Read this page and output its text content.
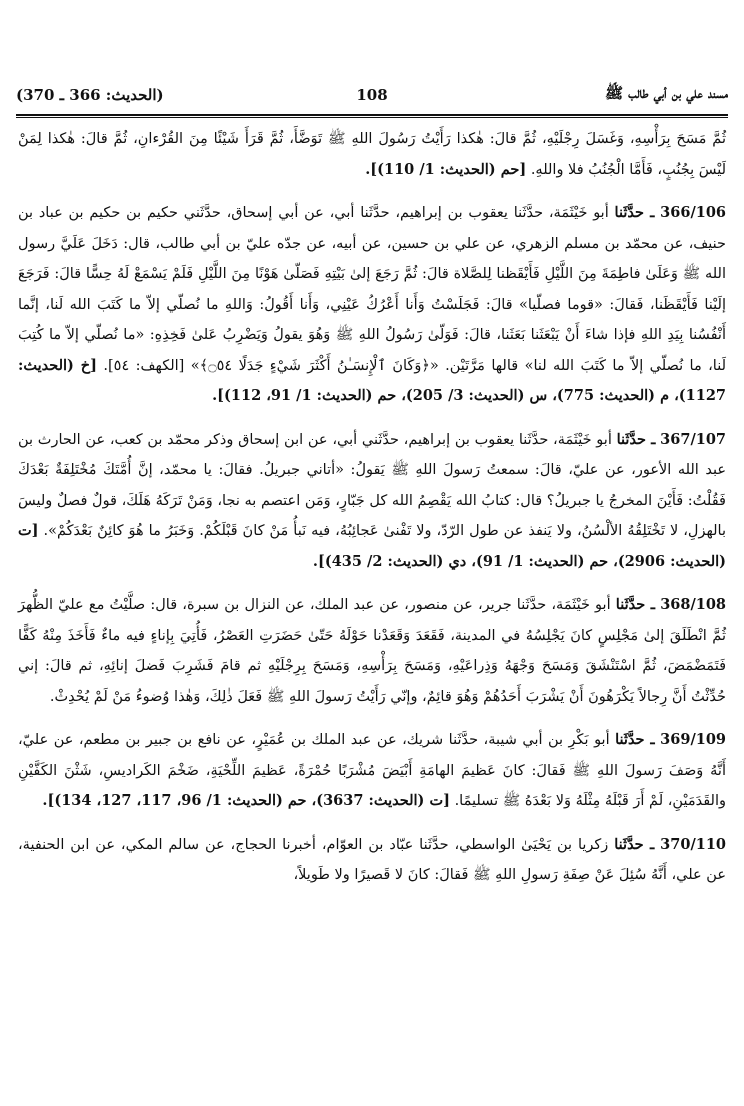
مسند علي بن أبي طالب ﷺ
108
(الحديث: 366 ـ 370)

ثُمَّ مَسَحَ بِرَأْسِهِ، وَغَسَلَ رِجْلَيْهِ، ثُمَّ قالَ: هٰكذا رَأَيْتُ رَسُولَ اللهِ ﷺ تَوَضَّأَ، ثُمَّ قَرَأَ شَيْئًا مِنَ القُرْءانِ، ثُمَّ قالَ: هٰكذا لِمَنْ لَيْسَ بِجُنُبٍ، فَأَمَّا الْجُنُبُ فلا واللهِ. [حم (الحديث: 1/ 110)].

366/106 ـ حدَّثَنا أبو خَيْثَمَة، حدَّثَنا يعقوب بن إبراهيم، حدَّثَنا أبي، عن أبي إسحاق، حدَّثَني حكيم بن حكيم بن عباد بن حنيف، عن محمّد بن مسلم الزهري، عن علي بن حسين، عن أبيه، عن جدّه عليّ بن أبي طالب، قال: دَخَلَ عَلَيَّ رسول الله ﷺ وَعَلَىٰ فاطِمَةَ مِنَ اللَّيْلِ فَأَيْقَظنا لِلصَّلاة قالَ: ثُمَّ رَجَعَ إلىٰ بَيْتِهِ فَصَلّىٰ هَوْنًا مِنَ اللَّيْلِ فَلَمْ يَسْمَعْ لَهُ حِسًّا قالَ: فَرَجَعَ إلَيْنا فَأَيْقَظَنا، فَقالَ: «قوما فصلّيا» قالَ: فَجَلَسْتُ وَأَنا أَعْرُكُ عَيْنِي، وَأَنا أَقُولُ: وَاللهِ ما نُصلّي إلاّ ما كَتَبَ الله لَنا، إنَّما أَنْفُسُنا بِيَدِ اللهِ فإذا شاءَ أَنْ يَبْعَثَنا بَعَثَنا، قالَ: فَوَلّىٰ رَسُولُ اللهِ ﷺ وَهُوَ يقولُ وَيَضْرِبُ عَلىٰ فَخِذِهِ: «ما نُصلّي إلاّ ما كُتِبَ لَنا، ما نُصلّي إلاّ ما كَتَبَ الله لنا» قالها مَرَّتَيْن. «﴿وَكَانَ ٱلْإِنسَـٰنُ أَكْثَرَ شَيْءٍ جَدَلًا ۝٥٤﴾» [الكهف: ٥٤]. [خ (الحديث: 1127)، م (الحديث: 775)، س (الحديث: 3/ 205)، حم (الحديث: 1/ 91، 112)].

367/107 ـ حدَّثَنا أبو خَيْثَمَة، حدَّثَنا يعقوب بن إبراهيم، حدَّثَني أبي، عن ابن إسحاق وذكر محمّد بن كعب، عن الحارث بن عبد الله الأعور، عن عليّ، قالَ: سمعتُ رَسولَ اللهِ ﷺ يَقولُ: «أتاني جبريلُ. فقالَ: يا محمّد، إنَّ أُمَّتَكَ مُخْتَلِفَةٌ بَعْدَكَ فَقُلْتُ: فَأَيْنَ المخرجُ يا جبريلُ؟ قال: كتابُ الله يَقْصِمُ الله كل جَبّارٍ، وَمَن اعتصم به نجا، وَمَنْ تَرَكَهُ هَلَكَ، قولٌ فصلٌ وليسَ بالهزلِ، لا تَخْتَلِقُهُ الألْسُنُ، ولا يَنفذ عن طول الرّدّ، ولا تَفْنىٰ عَجائِبُهُ، فيه نَبأُ مَنْ كانَ قَبْلَكُمْ. وَخَبَرُ ما هُوَ كائِنٌ بَعْدَكُمْ». [ت (الحديث: 2906)، حم (الحديث: 1/ 91)، دي (الحديث: 2/ 435)].

368/108 ـ حدَّثَنا أبو خَيْثَمَة، حدَّثَنا جرير، عن منصور، عن عبد الملك، عن النزال بن سبرة، قال: صلَّيْتُ مع عليّ الظُّهرَ ثُمَّ انْطَلَقَ إلىٰ مَجْلِسٍ كانَ يَجْلِسُهُ في المدينة، فَقَعَدَ وَقَعَدْنا حَوْلَهُ حَتّىٰ حَضَرَتِ العَصْرُ، فَأُتِيَ بِإناءٍ فيه ماءٌ فَأَخَذَ مِنْهُ كَفًّا فَتَمَضْمَضَ، ثُمَّ اسْتَنْشَقَ وَمَسَحَ وَجْهَهُ وَذِراعَيْهِ، وَمَسَحَ بِرَأْسِهِ، وَمَسَحَ بِرِجْلَيْهِ ثم قامَ فَشَرِبَ فَضلَ إنائِهِ، ثم قالَ: إني حُدِّثْتُ أَنَّ رِجالاً يَكْرَهُونَ أَنْ يَشْرَبَ أَحَدُهُمْ وَهُوَ قائِمٌ، وإنّي رَأَيْتُ رَسولَ اللهِ ﷺ فَعَلَ ذٰلِكَ، وَهٰذا وُضوءُ مَنْ لَمْ يُحْدِثْ.

369/109 ـ حدَّثَنا أبو بَكْرِ بن أبي شيبة، حدَّثَنا شريك، عن عبد الملك بن عُمَيْرٍ، عن نافع بن جبير بن مطعم، عن عليّ، أَنَّهُ وَصَفَ رَسولَ اللهِ ﷺ فَقالَ: كانَ عَظيمَ الهامَةِ أَبْيَضَ مُشْرَبًا حُمْرَةً، عَظيمَ اللِّحْيَةِ، ضَخْمَ الكَراديسِ، شَثْنَ الكَفَّيْنِ والقَدَمَيْنِ، لَمْ أَرَ قَبْلَهُ مِثْلَهُ وَلا بَعْدَهُ ﷺ تسليمًا. [ت (الحديث: 3637)، حم (الحديث: 1/ 96، 117، 127، 134)].

370/110 ـ حدَّثَنا زكريا بن يَحْيَىٰ الواسطي، حدَّثَنا عبّاد بن العوّام، أخبرنا الحجاج، عن سالم المكي، عن ابن الحنفية، عن علي، أَنَّهُ سُئِلَ عَنْ صِفَةِ رَسولِ اللهِ ﷺ فَقالَ: كانَ لا قَصيرًا ولا طَويلاً،
